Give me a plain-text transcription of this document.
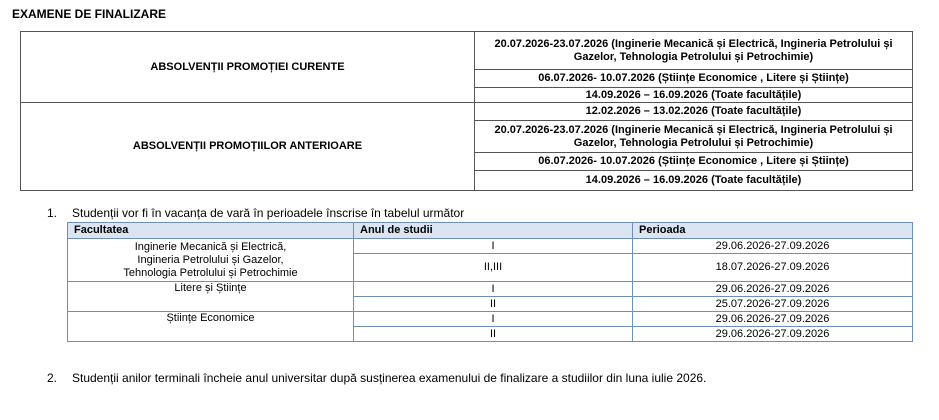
EXAMENE DE FINALIZARE
ABSOLVENȚII PROMOȚIEI CURENTE	20.07.2026-23.07.2026 (Inginerie Mecanică și Electrică, Ingineria Petrolului și Gazelor, Tehnologia Petrolului și Petrochimie)
	06.07.2026- 10.07.2026 (Științe Economice , Litere și Științe)
	14.09.2026 – 16.09.2026 (Toate facultățile)
ABSOLVENȚII PROMOȚIILOR ANTERIOARE	12.02.2026 – 13.02.2026 (Toate facultățile)
	20.07.2026-23.07.2026 (Inginerie Mecanică și Electrică, Ingineria Petrolului și Gazelor, Tehnologia Petrolului și Petrochimie)
	06.07.2026- 10.07.2026 (Științe Economice , Litere și Științe)
	14.09.2026 – 16.09.2026 (Toate facultățile)
1. Studenții vor fi în vacanța de vară în perioadele înscrise în tabelul următor
Facultatea	Anul de studii	Perioada
Inginerie Mecanică și Electrică,
Ingineria Petrolului și Gazelor,
Tehnologia Petrolului și Petrochimie	I	29.06.2026-27.09.2026
	II,III	18.07.2026-27.09.2026
Litere și Științe	I	29.06.2026-27.09.2026
	II	25.07.2026-27.09.2026
Științe Economice	I	29.06.2026-27.09.2026
	II	29.06.2026-27.09.2026
2. Studenții anilor terminali încheie anul universitar după susținerea examenului de finalizare a studiilor din luna iulie 2026.
